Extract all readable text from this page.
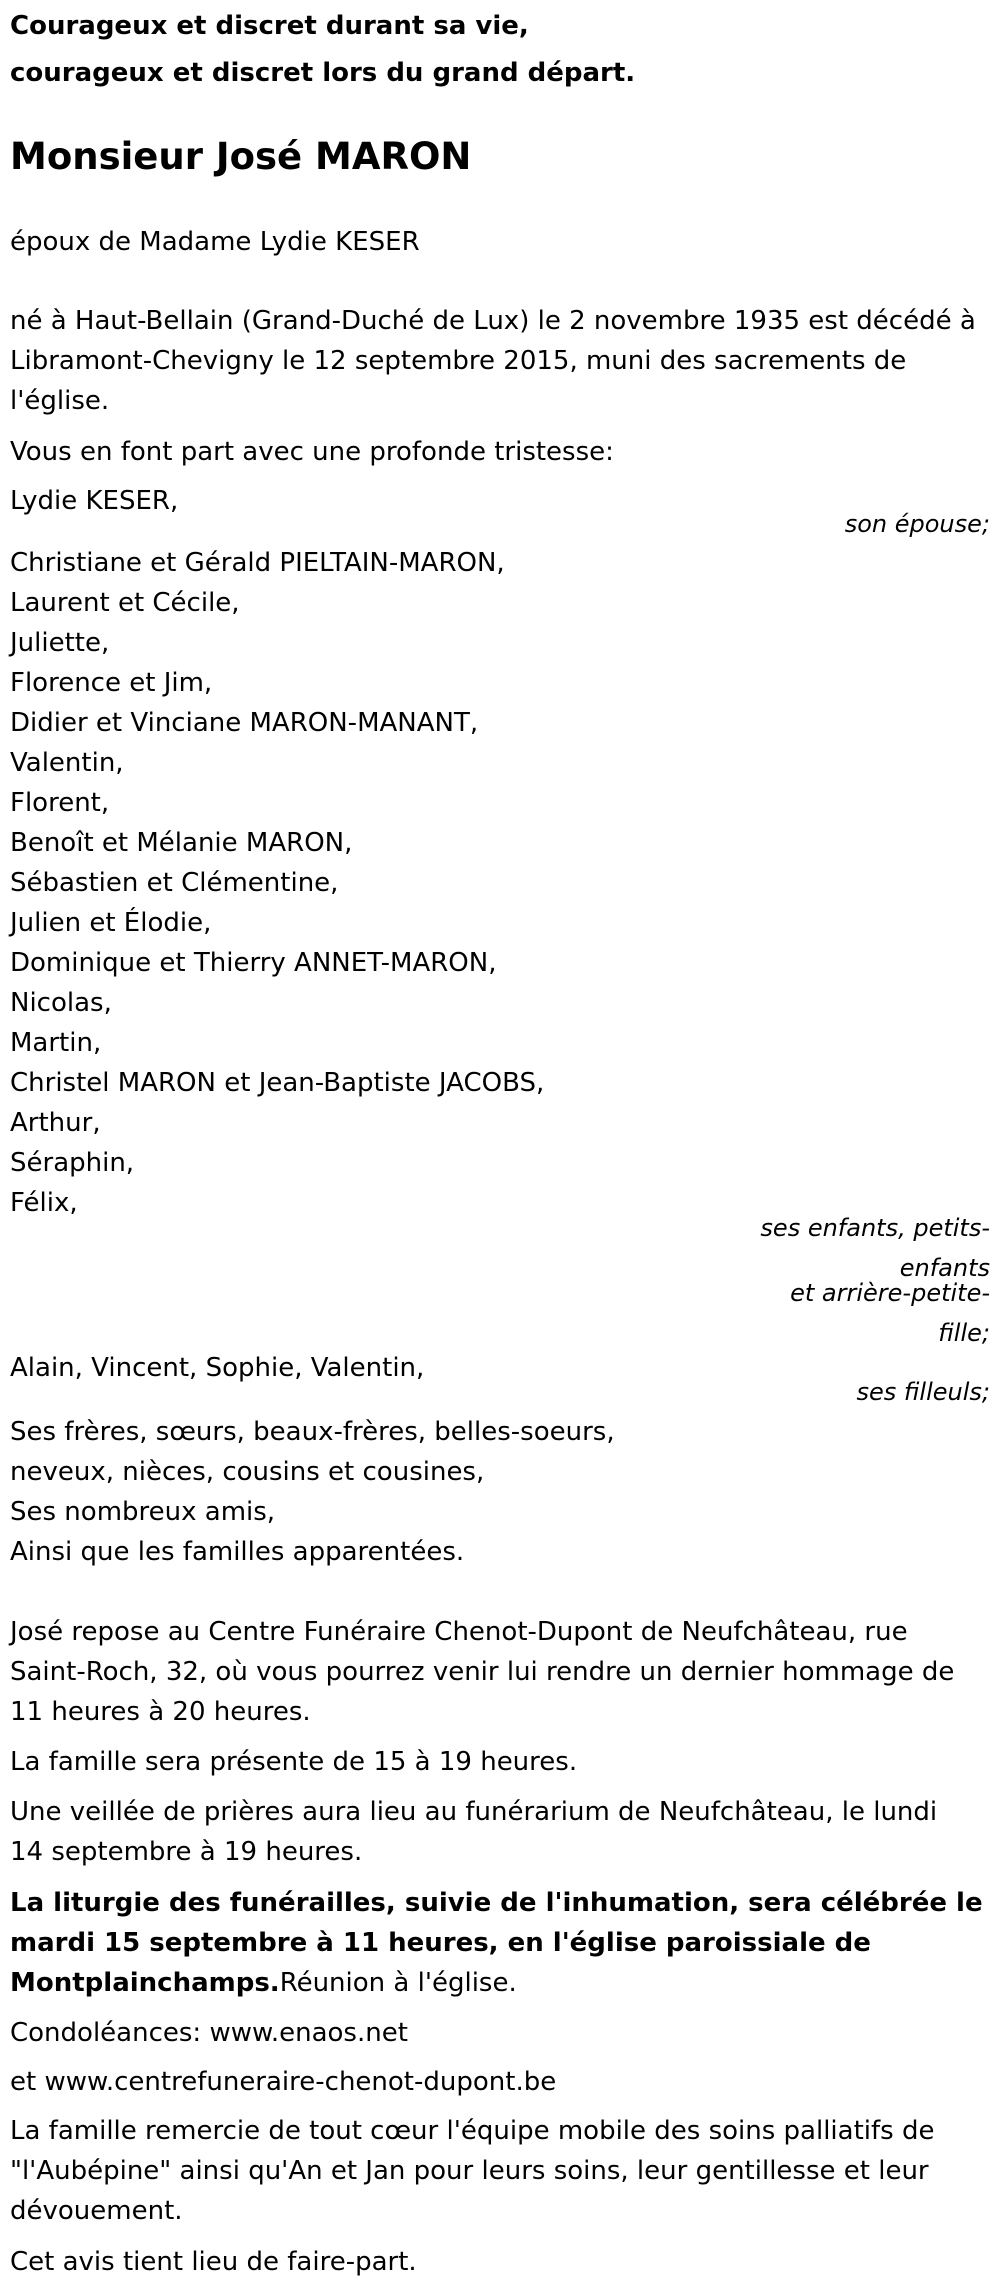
Courageux et discret durant sa vie,
courageux et discret lors du grand départ.
Monsieur José MARON
époux de Madame Lydie KESER
né à Haut-Bellain (Grand-Duché de Lux) le 2 novembre 1935 est décédé à
Libramont-Chevigny le 12 septembre 2015, muni des sacrements de
l'église.
Vous en font part avec une profonde tristesse:
Lydie KESER,
son épouse;
Christiane et Gérald PIELTAIN-MARON,
Laurent et Cécile,
Juliette,
Florence et Jim,
Didier et Vinciane MARON-MANANT,
Valentin,
Florent,
Benoît et Mélanie MARON,
Sébastien et Clémentine,
Julien et Élodie,
Dominique et Thierry ANNET-MARON,
Nicolas,
Martin,
Christel MARON et Jean-Baptiste JACOBS,
Arthur,
Séraphin,
Félix,
ses enfants, petits-
enfants
et arrière-petite-
fille;
Alain, Vincent, Sophie, Valentin,
ses filleuls;
Ses frères, sœurs, beaux-frères, belles-soeurs,
neveux, nièces, cousins et cousines,
Ses nombreux amis,
Ainsi que les familles apparentées.
José repose au Centre Funéraire Chenot-Dupont de Neufchâteau, rue
Saint-Roch, 32, où vous pourrez venir lui rendre un dernier hommage de
11 heures à 20 heures.
La famille sera présente de 15 à 19 heures.
Une veillée de prières aura lieu au funérarium de Neufchâteau, le lundi
14 septembre à 19 heures.
La liturgie des funérailles, suivie de l'inhumation, sera célébrée le
mardi 15 septembre à 11 heures, en l'église paroissiale de
Montplainchamps.Réunion à l'église.
Condoléances: www.enaos.net
et www.centrefuneraire-chenot-dupont.be
La famille remercie de tout cœur l'équipe mobile des soins palliatifs de
"l'Aubépine" ainsi qu'An et Jan pour leurs soins, leur gentillesse et leur
dévouement.
Cet avis tient lieu de faire-part.
